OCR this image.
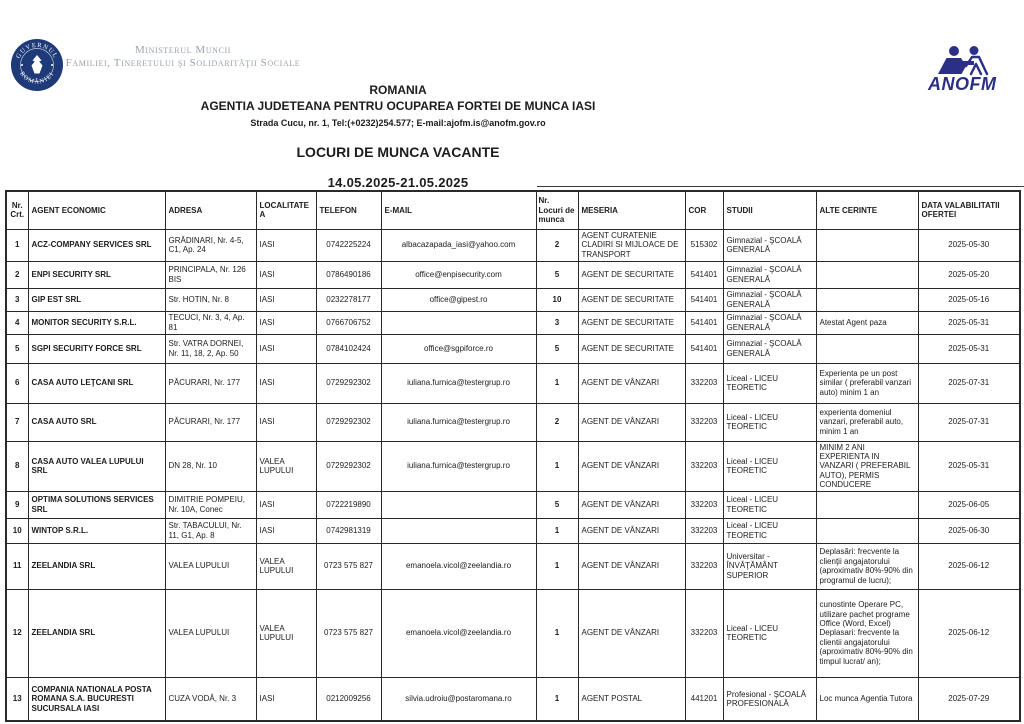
GUVERNUL
ROMÂNIEI
Ministerul Muncii
Familiei, Tineretului şi Solidarităţii Sociale
ANOFM
ROMANIA
AGENTIA JUDETEANA PENTRU OCUPAREA FORTEI DE MUNCA IASI
Strada Cucu, nr. 1, Tel:(+0232)254.577; E-mail:ajofm.is@anofm.gov.ro
LOCURI DE MUNCA VACANTE
14.05.2025-21.05.2025
Nr. Crt.	AGENT ECONOMIC	ADRESA	LOCALITATEA	TELEFON	E-MAIL	Nr. Locuri de munca	MESERIA	COR	STUDII	ALTE CERINTE	DATA VALABILITATII OFERTEI
1	ACZ-COMPANY SERVICES SRL	GRĂDINARI, Nr. 4-5, C1, Ap. 24	IASI	0742225224	albacazapada_iasi@yahoo.com	2	AGENT CURATENIE CLADIRI SI MIJLOACE DE TRANSPORT	515302	Gimnazial - ŞCOALĂ GENERALĂ		2025-05-30
2	ENPI SECURITY SRL	PRINCIPALA, Nr. 126 BIS	IASI	0786490186	office@enpisecurity.com	5	AGENT DE SECURITATE	541401	Gimnazial - ŞCOALĂ GENERALĂ		2025-05-20
3	GIP EST SRL	Str. HOTIN, Nr. 8	IASI	0232278177	office@gipest.ro	10	AGENT DE SECURITATE	541401	Gimnazial - ŞCOALĂ GENERALĂ		2025-05-16
4	MONITOR SECURITY S.R.L.	TECUCI, Nr. 3, 4, Ap. 81	IASI	0766706752		3	AGENT DE SECURITATE	541401	Gimnazial - ŞCOALĂ GENERALĂ	Atestat Agent paza	2025-05-31
5	SGPI SECURITY FORCE SRL	Str. VATRA DORNEI, Nr. 11, 18, 2, Ap. 50	IASI	0784102424	office@sgpiforce.ro	5	AGENT DE SECURITATE	541401	Gimnazial - ŞCOALĂ GENERALĂ		2025-05-31
6	CASA AUTO LEŢCANI SRL	PĂCURARI, Nr. 177	IASI	0729292302	iuliana.furnica@testergrup.ro	1	AGENT DE VÂNZARI	332203	Liceal - LICEU TEORETIC	Experienta pe un post similar ( preferabil vanzari auto) minim 1 an	2025-07-31
7	CASA AUTO SRL	PĂCURARI, Nr. 177	IASI	0729292302	iuliana.furnica@testergrup.ro	2	AGENT DE VÂNZARI	332203	Liceal - LICEU TEORETIC	experienta domeniul vanzari, preferabil auto, minim 1 an	2025-07-31
8	CASA AUTO VALEA LUPULUI SRL	DN 28, Nr. 10	VALEA LUPULUI	0729292302	iuliana.furnica@testergrup.ro	1	AGENT DE VÂNZARI	332203	Liceal - LICEU TEORETIC	MINIM 2 ANI EXPERIENTA IN VANZARI ( PREFERABIL AUTO), PERMIS CONDUCERE	2025-05-31
9	OPTIMA SOLUTIONS SERVICES SRL	DIMITRIE POMPEIU, Nr. 10A, Conec	IASI	0722219890		5	AGENT DE VÂNZARI	332203	Liceal - LICEU TEORETIC		2025-06-05
10	WINTOP S.R.L.	Str. TABACULUI, Nr. 11, G1, Ap. 8	IASI	0742981319		1	AGENT DE VÂNZARI	332203	Liceal - LICEU TEORETIC		2025-06-30
11	ZEELANDIA SRL	VALEA LUPULUI	VALEA LUPULUI	0723 575 827	emanoela.vicol@zeelandia.ro	1	AGENT DE VÂNZARI	332203	Universitar - ÎNVĂŢĂMÂNT SUPERIOR	Deplasări: frecvente la clienţii angajatorului (aproximativ 80%-90% din programul de lucru);	2025-06-12
12	ZEELANDIA SRL	VALEA LUPULUI	VALEA LUPULUI	0723 575 827	emanoela.vicol@zeelandia.ro	1	AGENT DE VÂNZARI	332203	Liceal - LICEU TEORETIC	cunostinte Operare PC, utilizare pachet programe Office (Word, Excel) Deplasari: frecvente la clientii angajatorului (aproximativ 80%-90% din timpul lucrat/ an);	2025-06-12
13	COMPANIA NATIONALA POSTA ROMANA S.A. BUCURESTI SUCURSALA IASI	CUZA VODĂ, Nr. 3	IASI	0212009256	silvia.udroiu@postaromana.ro	1	AGENT POSTAL	441201	Profesional - ŞCOALĂ PROFESIONALĂ	Loc munca Agentia Tutora	2025-07-29
